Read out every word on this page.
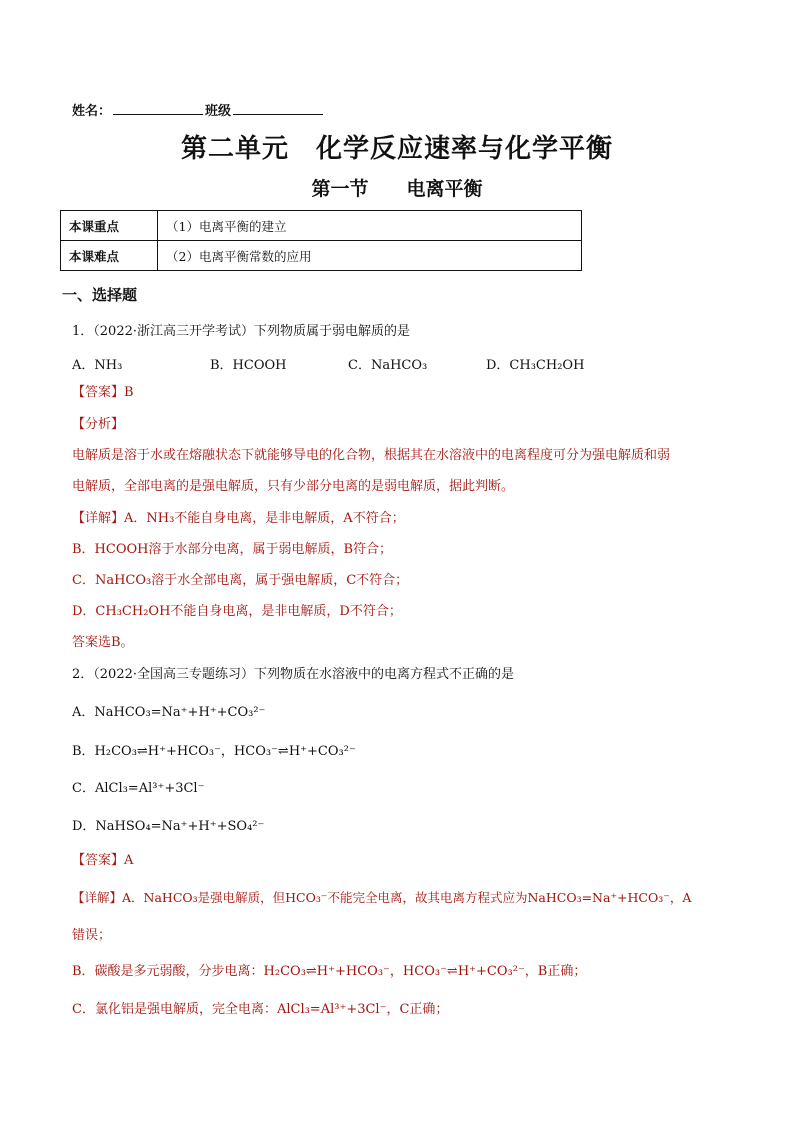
姓名：	班级
第二单元　化学反应速率与化学平衡
第一节　　电离平衡
本课重点	（1）电离平衡的建立
本课难点	（2）电离平衡常数的应用
一、选择题
1．（2022·浙江高三开学考试）下列物质属于弱电解质的是
A．NH₃	B．HCOOH	C．NaHCO₃	D．CH₃CH₂OH
【答案】B
【分析】
电解质是溶于水或在熔融状态下就能够导电的化合物，根据其在水溶液中的电离程度可分为强电解质和弱
电解质，全部电离的是强电解质，只有少部分电离的是弱电解质，据此判断。
【详解】A．NH₃不能自身电离，是非电解质，A不符合；
B．HCOOH溶于水部分电离，属于弱电解质，B符合；
C．NaHCO₃溶于水全部电离，属于强电解质，C不符合；
D．CH₃CH₂OH不能自身电离，是非电解质，D不符合；
答案选B。
2．（2022·全国高三专题练习）下列物质在水溶液中的电离方程式不正确的是
A．NaHCO₃=Na⁺+H⁺+CO₃²⁻
B．H₂CO₃⇌H⁺+HCO₃⁻，HCO₃⁻⇌H⁺+CO₃²⁻
C．AlCl₃=Al³⁺+3Cl⁻
D．NaHSO₄=Na⁺+H⁺+SO₄²⁻
【答案】A
【详解】A．NaHCO₃是强电解质，但HCO₃⁻不能完全电离，故其电离方程式应为NaHCO₃=Na⁺+HCO₃⁻，A
错误；
B．碳酸是多元弱酸，分步电离：H₂CO₃⇌H⁺+HCO₃⁻，HCO₃⁻⇌H⁺+CO₃²⁻，B正确；
C．氯化铝是强电解质，完全电离：AlCl₃=Al³⁺+3Cl⁻，C正确；
